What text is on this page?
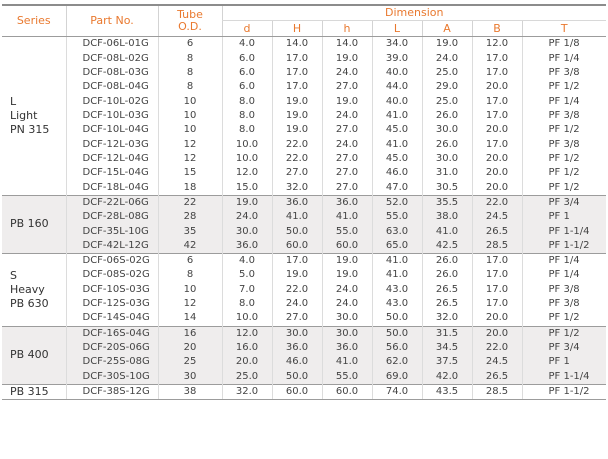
Series	Part No.	Tube
O.D.	Dimension						
			d	H	h	L	A	B	T
L
Light
PN 315	DCF-06L-01G	6	4.0	14.0	14.0	34.0	19.0	12.0	PF 1/8
	DCF-08L-02G	8	6.0	17.0	19.0	39.0	24.0	17.0	PF 1/4
	DCF-08L-03G	8	6.0	17.0	24.0	40.0	25.0	17.0	PF 3/8
	DCF-08L-04G	8	6.0	17.0	27.0	44.0	29.0	20.0	PF 1/2
	DCF-10L-02G	10	8.0	19.0	19.0	40.0	25.0	17.0	PF 1/4
	DCF-10L-03G	10	8.0	19.0	24.0	41.0	26.0	17.0	PF 3/8
	DCF-10L-04G	10	8.0	19.0	27.0	45.0	30.0	20.0	PF 1/2
	DCF-12L-03G	12	10.0	22.0	24.0	41.0	26.0	17.0	PF 3/8
	DCF-12L-04G	12	10.0	22.0	27.0	45.0	30.0	20.0	PF 1/2
	DCF-15L-04G	15	12.0	27.0	27.0	46.0	31.0	20.0	PF 1/2
	DCF-18L-04G	18	15.0	32.0	27.0	47.0	30.5	20.0	PF 1/2
PB 160	DCF-22L-06G	22	19.0	36.0	36.0	52.0	35.5	22.0	PF 3/4
	DCF-28L-08G	28	24.0	41.0	41.0	55.0	38.0	24.5	PF 1
	DCF-35L-10G	35	30.0	50.0	55.0	63.0	41.0	26.5	PF 1-1/4
	DCF-42L-12G	42	36.0	60.0	60.0	65.0	42.5	28.5	PF 1-1/2
S
Heavy
PB 630	DCF-06S-02G	6	4.0	17.0	19.0	41.0	26.0	17.0	PF 1/4
	DCF-08S-02G	8	5.0	19.0	19.0	41.0	26.0	17.0	PF 1/4
	DCF-10S-03G	10	7.0	22.0	24.0	43.0	26.5	17.0	PF 3/8
	DCF-12S-03G	12	8.0	24.0	24.0	43.0	26.5	17.0	PF 3/8
	DCF-14S-04G	14	10.0	27.0	30.0	50.0	32.0	20.0	PF 1/2
PB 400	DCF-16S-04G	16	12.0	30.0	30.0	50.0	31.5	20.0	PF 1/2
	DCF-20S-06G	20	16.0	36.0	36.0	56.0	34.5	22.0	PF 3/4
	DCF-25S-08G	25	20.0	46.0	41.0	62.0	37.5	24.5	PF 1
	DCF-30S-10G	30	25.0	50.0	55.0	69.0	42.0	26.5	PF 1-1/4
PB 315	DCF-38S-12G	38	32.0	60.0	60.0	74.0	43.5	28.5	PF 1-1/2
